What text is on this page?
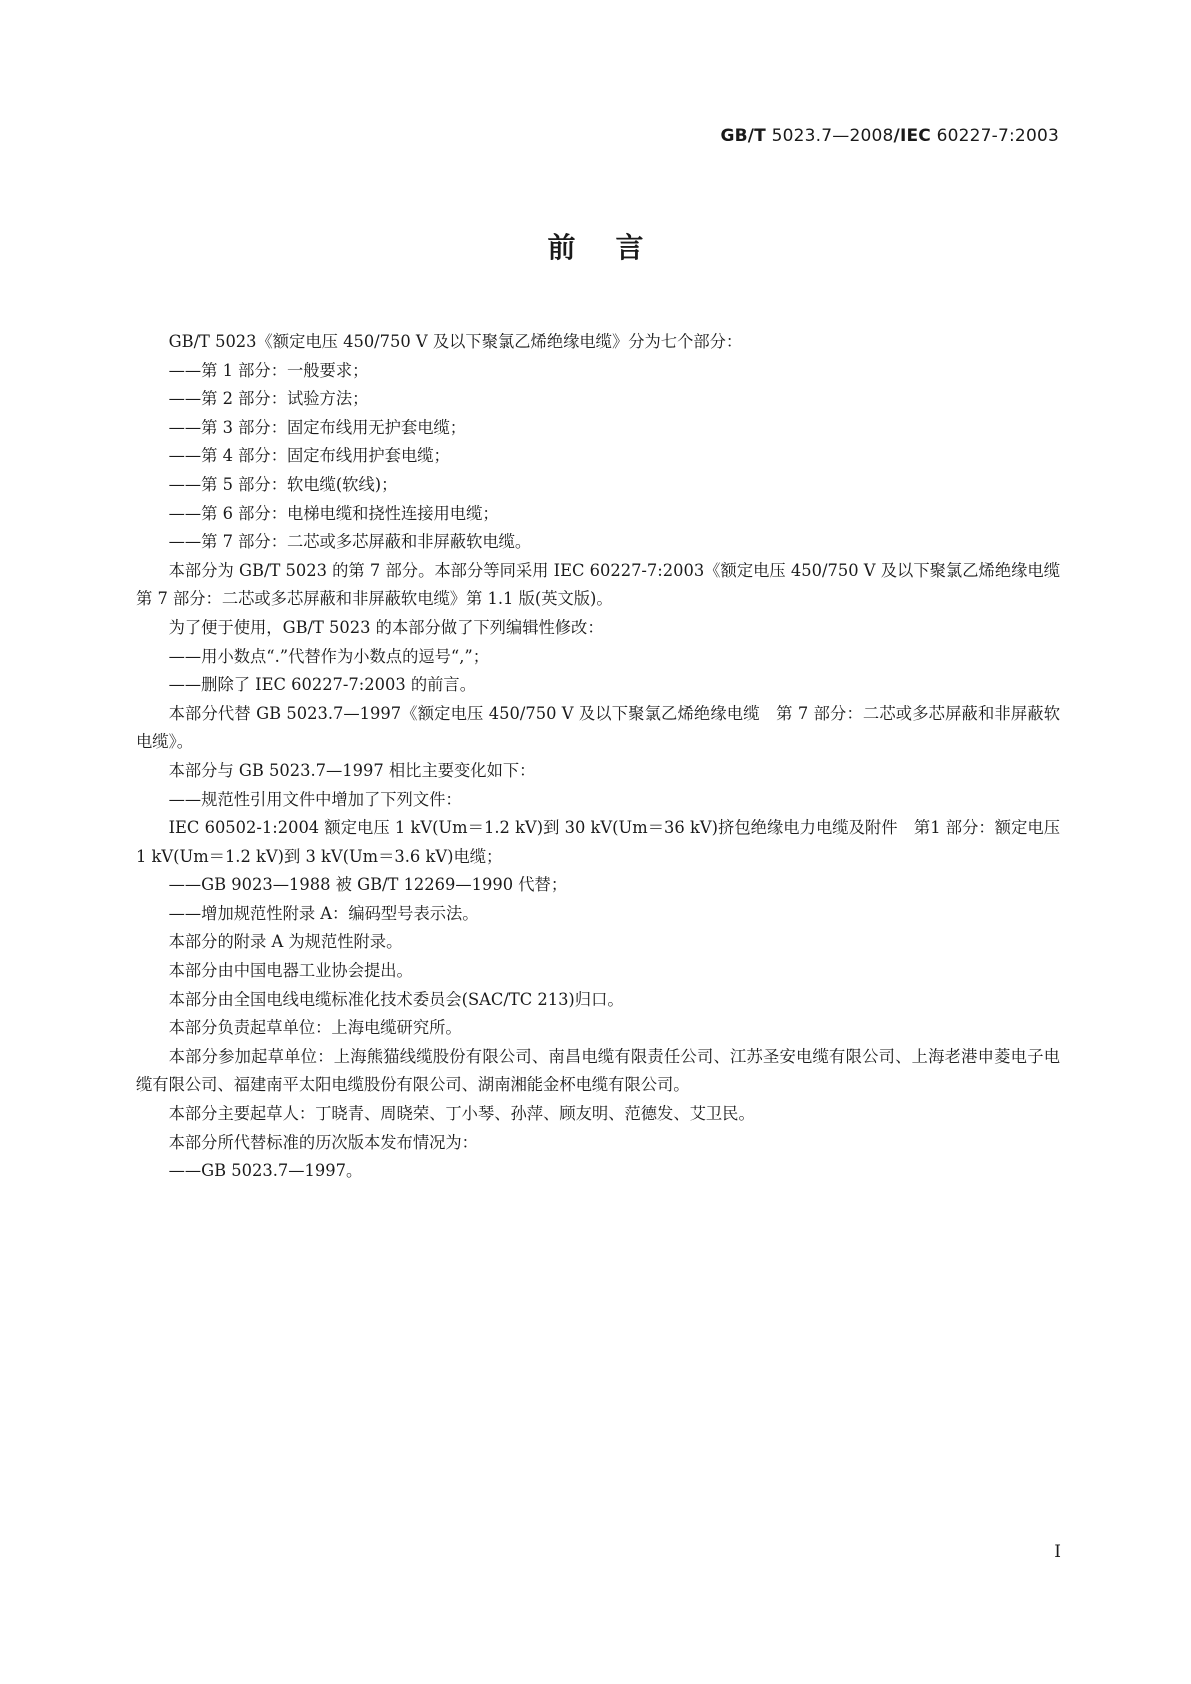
GB/T 5023.7—2008/IEC 60227-7:2003
前言

GB/T 5023《额定电压 450/750 V 及以下聚氯乙烯绝缘电缆》分为七个部分：

——第 1 部分：一般要求；

——第 2 部分：试验方法；

——第 3 部分：固定布线用无护套电缆；

——第 4 部分：固定布线用护套电缆；

——第 5 部分：软电缆(软线)；

——第 6 部分：电梯电缆和挠性连接用电缆；

——第 7 部分：二芯或多芯屏蔽和非屏蔽软电缆。

本部分为 GB/T 5023 的第 7 部分。本部分等同采用 IEC 60227-7:2003《额定电压 450/750 V 及以下聚氯乙烯绝缘电缆　第 7 部分：二芯或多芯屏蔽和非屏蔽软电缆》第 1.1 版(英文版)。

为了便于使用，GB/T 5023 的本部分做了下列编辑性修改：

——用小数点“.”代替作为小数点的逗号“,”；

——删除了 IEC 60227-7:2003 的前言。

本部分代替 GB 5023.7—1997《额定电压 450/750 V 及以下聚氯乙烯绝缘电缆　第 7 部分：二芯或多芯屏蔽和非屏蔽软电缆》。

本部分与 GB 5023.7—1997 相比主要变化如下：

——规范性引用文件中增加了下列文件：

IEC 60502-1:2004 额定电压 1 kV(Um＝1.2 kV)到 30 kV(Um＝36 kV)挤包绝缘电力电缆及附件　第1 部分：额定电压 1 kV(Um＝1.2 kV)到 3 kV(Um＝3.6 kV)电缆；

——GB 9023—1988 被 GB/T 12269—1990 代替；

——增加规范性附录 A：编码型号表示法。

本部分的附录 A 为规范性附录。

本部分由中国电器工业协会提出。

本部分由全国电线电缆标准化技术委员会(SAC/TC 213)归口。

本部分负责起草单位：上海电缆研究所。

本部分参加起草单位：上海熊猫线缆股份有限公司、南昌电缆有限责任公司、江苏圣安电缆有限公司、上海老港申菱电子电缆有限公司、福建南平太阳电缆股份有限公司、湖南湘能金杯电缆有限公司。

本部分主要起草人：丁晓青、周晓荣、丁小琴、孙萍、顾友明、范德发、艾卫民。

本部分所代替标准的历次版本发布情况为：

——GB 5023.7—1997。

I
